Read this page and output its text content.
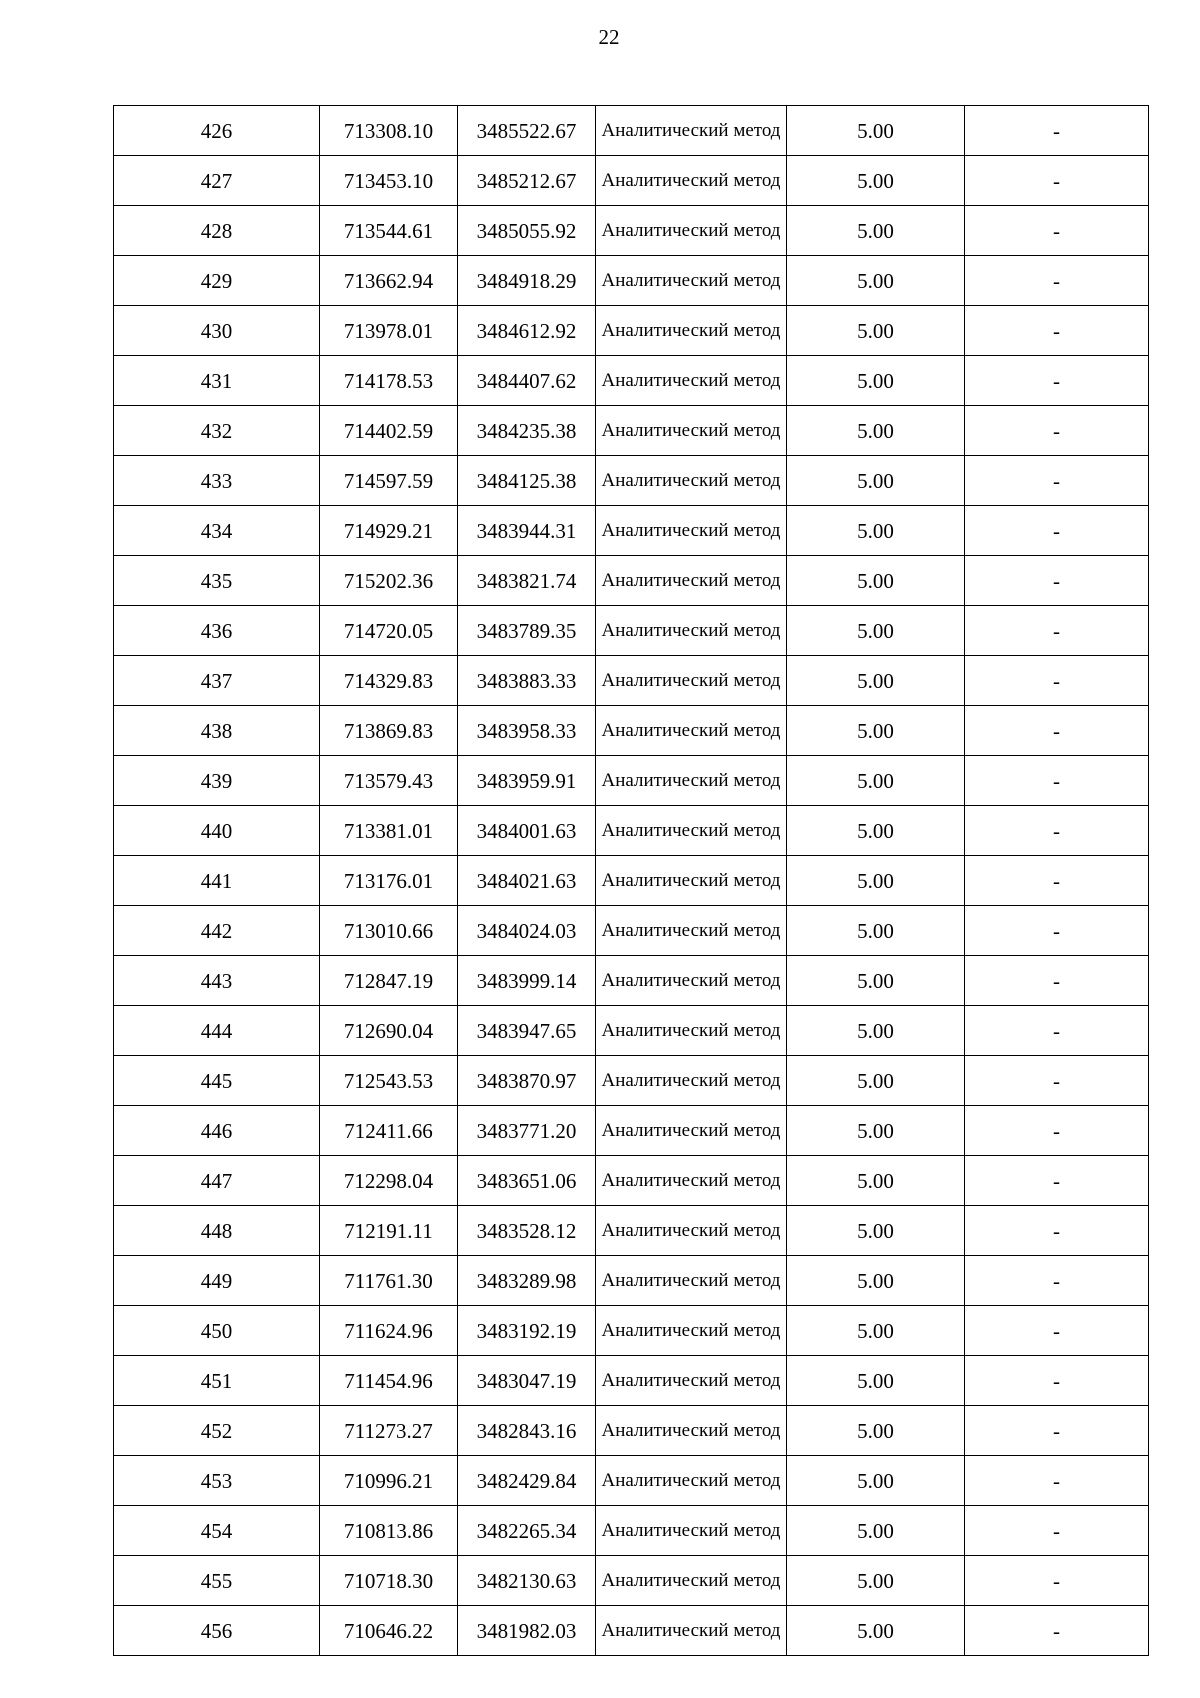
22
426	713308.10	3485522.67	Аналитический метод	5.00	-
427	713453.10	3485212.67	Аналитический метод	5.00	-
428	713544.61	3485055.92	Аналитический метод	5.00	-
429	713662.94	3484918.29	Аналитический метод	5.00	-
430	713978.01	3484612.92	Аналитический метод	5.00	-
431	714178.53	3484407.62	Аналитический метод	5.00	-
432	714402.59	3484235.38	Аналитический метод	5.00	-
433	714597.59	3484125.38	Аналитический метод	5.00	-
434	714929.21	3483944.31	Аналитический метод	5.00	-
435	715202.36	3483821.74	Аналитический метод	5.00	-
436	714720.05	3483789.35	Аналитический метод	5.00	-
437	714329.83	3483883.33	Аналитический метод	5.00	-
438	713869.83	3483958.33	Аналитический метод	5.00	-
439	713579.43	3483959.91	Аналитический метод	5.00	-
440	713381.01	3484001.63	Аналитический метод	5.00	-
441	713176.01	3484021.63	Аналитический метод	5.00	-
442	713010.66	3484024.03	Аналитический метод	5.00	-
443	712847.19	3483999.14	Аналитический метод	5.00	-
444	712690.04	3483947.65	Аналитический метод	5.00	-
445	712543.53	3483870.97	Аналитический метод	5.00	-
446	712411.66	3483771.20	Аналитический метод	5.00	-
447	712298.04	3483651.06	Аналитический метод	5.00	-
448	712191.11	3483528.12	Аналитический метод	5.00	-
449	711761.30	3483289.98	Аналитический метод	5.00	-
450	711624.96	3483192.19	Аналитический метод	5.00	-
451	711454.96	3483047.19	Аналитический метод	5.00	-
452	711273.27	3482843.16	Аналитический метод	5.00	-
453	710996.21	3482429.84	Аналитический метод	5.00	-
454	710813.86	3482265.34	Аналитический метод	5.00	-
455	710718.30	3482130.63	Аналитический метод	5.00	-
456	710646.22	3481982.03	Аналитический метод	5.00	-
